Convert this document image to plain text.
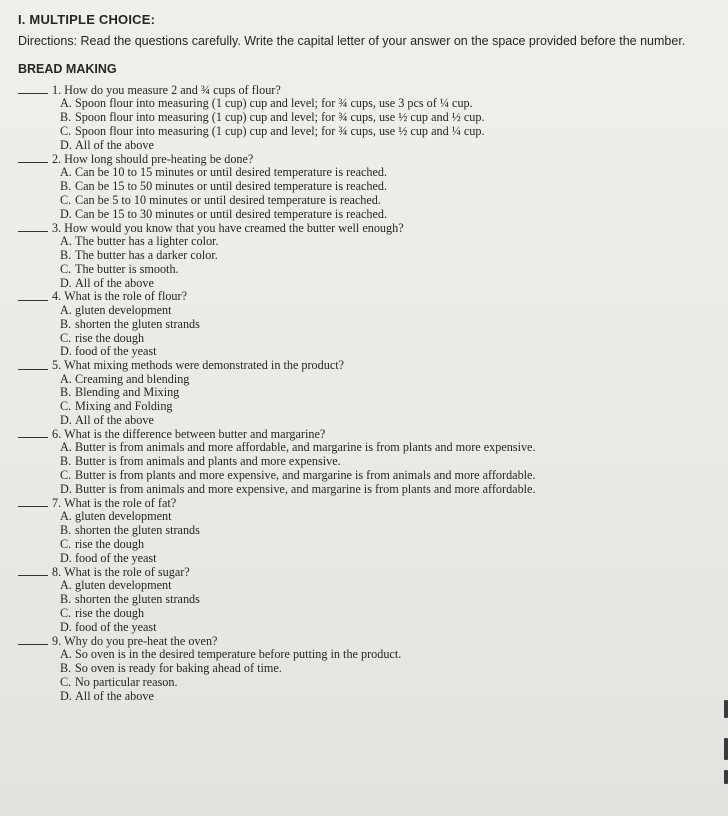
I. MULTIPLE CHOICE:
Directions: Read the questions carefully. Write the capital letter of your answer on the space provided before the number.
BREAD MAKING
1. How do you measure 2 and ¾ cups of flour?
A. Spoon flour into measuring (1 cup) cup and level; for ¾ cups, use 3 pcs of ¼ cup.
B. Spoon flour into measuring (1 cup) cup and level; for ¾ cups, use ½ cup and ½ cup.
C. Spoon flour into measuring (1 cup) cup and level; for ¾ cups, use ½ cup and ¼ cup.
D. All of the above
2. How long should pre-heating be done?
A. Can be 10 to 15 minutes or until desired temperature is reached.
B. Can be 15 to 50 minutes or until desired temperature is reached.
C. Can be 5 to 10 minutes or until desired temperature is reached.
D. Can be 15 to 30 minutes or until desired temperature is reached.
3. How would you know that you have creamed the butter well enough?
A. The butter has a lighter color.
B. The butter has a darker color.
C. The butter is smooth.
D. All of the above
4. What is the role of flour?
A. gluten development
B. shorten the gluten strands
C. rise the dough
D. food of the yeast
5. What mixing methods were demonstrated in the product?
A. Creaming and blending
B. Blending and Mixing
C. Mixing and Folding
D. All of the above
6. What is the difference between butter and margarine?
A. Butter is from animals and more affordable, and margarine is from plants and more expensive.
B. Butter is from animals and plants and more expensive.
C. Butter is from plants and more expensive, and margarine is from animals and more affordable.
D. Butter is from animals and more expensive, and margarine is from plants and more affordable.
7. What is the role of fat?
A. gluten development
B. shorten the gluten strands
C. rise the dough
D. food of the yeast
8. What is the role of sugar?
A. gluten development
B. shorten the gluten strands
C. rise the dough
D. food of the yeast
9. Why do you pre-heat the oven?
A. So oven is in the desired temperature before putting in the product.
B. So oven is ready for baking ahead of time.
C. No particular reason.
D. All of the above
